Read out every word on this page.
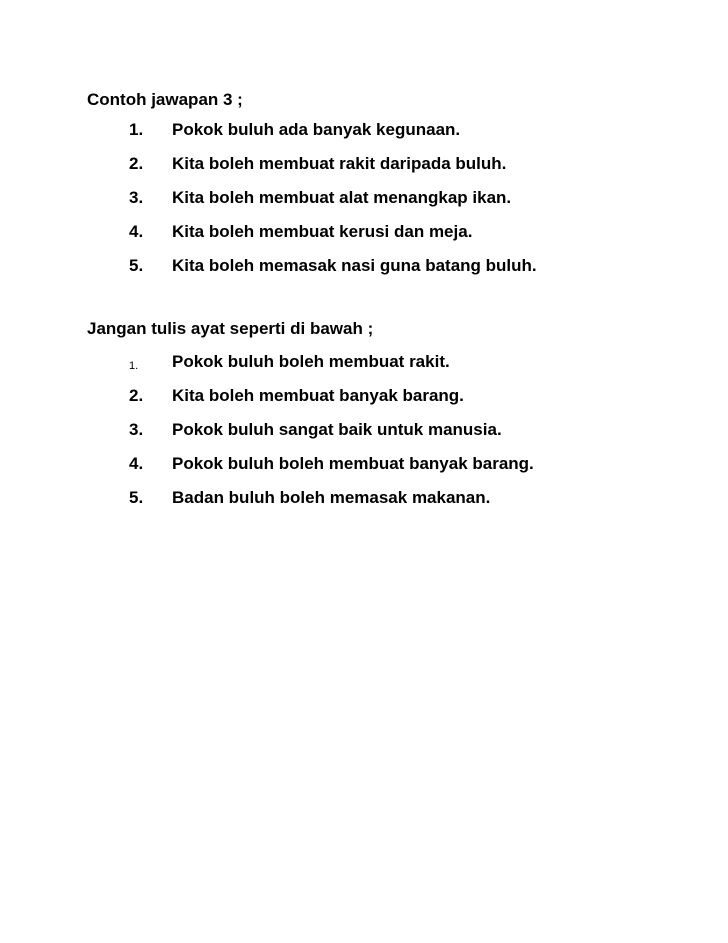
Contoh jawapan 3 ;
1. Pokok buluh ada banyak kegunaan.
2. Kita boleh membuat rakit daripada buluh.
3. Kita boleh membuat alat menangkap ikan.
4. Kita boleh membuat kerusi dan meja.
5. Kita boleh memasak nasi guna batang buluh.
Jangan tulis ayat seperti di bawah ;
1. Pokok buluh boleh membuat rakit.
2. Kita boleh membuat banyak barang.
3. Pokok buluh sangat baik untuk manusia.
4. Pokok buluh boleh membuat banyak barang.
5. Badan buluh boleh memasak makanan.
